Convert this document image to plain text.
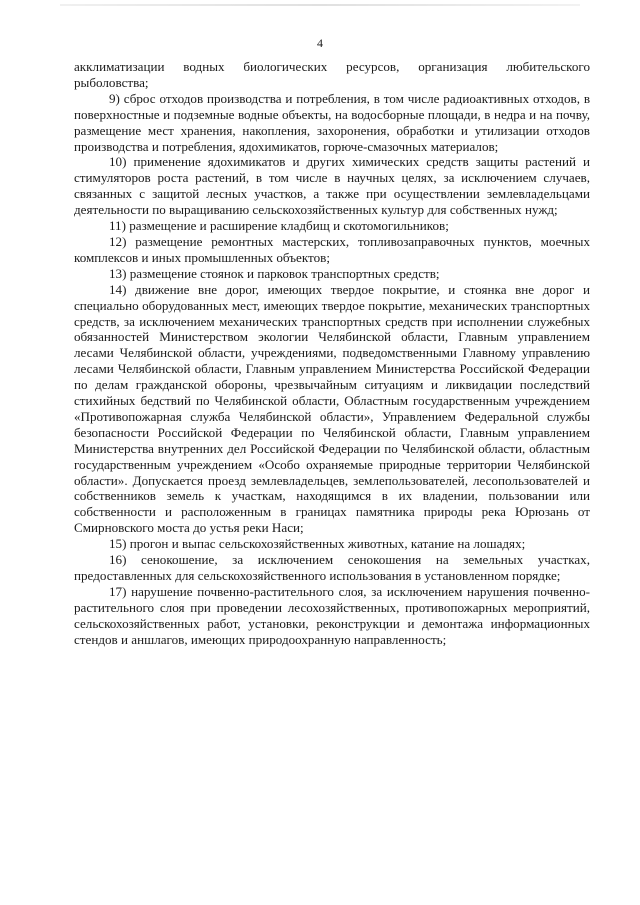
4

акклиматизации водных биологических ресурсов, организация любительского рыболовства;

9) сброс отходов производства и потребления, в том числе радиоактивных отходов, в поверхностные и подземные водные объекты, на водосборные площади, в недра и на почву, размещение мест хранения, накопления, захоронения, обработки и утилизации отходов производства и потребления, ядохимикатов, горюче-смазочных материалов;

10) применение ядохимикатов и других химических средств защиты растений и стимуляторов роста растений, в том числе в научных целях, за исключением случаев, связанных с защитой лесных участков, а также при осуществлении землевладельцами деятельности по выращиванию сельскохозяйственных культур для собственных нужд;

11) размещение и расширение кладбищ и скотомогильников;

12) размещение ремонтных мастерских, топливозаправочных пунктов, моечных комплексов и иных промышленных объектов;

13) размещение стоянок и парковок транспортных средств;

14) движение вне дорог, имеющих твердое покрытие, и стоянка вне дорог и специально оборудованных мест, имеющих твердое покрытие, механических транспортных средств, за исключением механических транспортных средств при исполнении служебных обязанностей Министерством экологии Челябинской области, Главным управлением лесами Челябинской области, учреждениями, подведомственными Главному управлению лесами Челябинской области, Главным управлением Министерства Российской Федерации по делам гражданской обороны, чрезвычайным ситуациям и ликвидации последствий стихийных бедствий по Челябинской области, Областным государственным учреждением «Противопожарная служба Челябинской области», Управлением Федеральной службы безопасности Российской Федерации по Челябинской области, Главным управлением Министерства внутренних дел Российской Федерации по Челябинской области, областным государственным учреждением «Особо охраняемые природные территории Челябинской области». Допускается проезд землевладельцев, землепользователей, лесопользователей и собственников земель к участкам, находящимся в их владении, пользовании или собственности и расположенным в границах памятника природы река Юрюзань от Смирновского моста до устья реки Наси;

15) прогон и выпас сельскохозяйственных животных, катание на лошадях;

16) сенокошение, за исключением сенокошения на земельных участках, предоставленных для сельскохозяйственного использования в установленном порядке;

17) нарушение почвенно-растительного слоя, за исключением нарушения почвенно-растительного слоя при проведении лесохозяйственных, противопожарных мероприятий, сельскохозяйственных работ, установки, реконструкции и демонтажа информационных стендов и аншлагов, имеющих природоохранную направленность;
